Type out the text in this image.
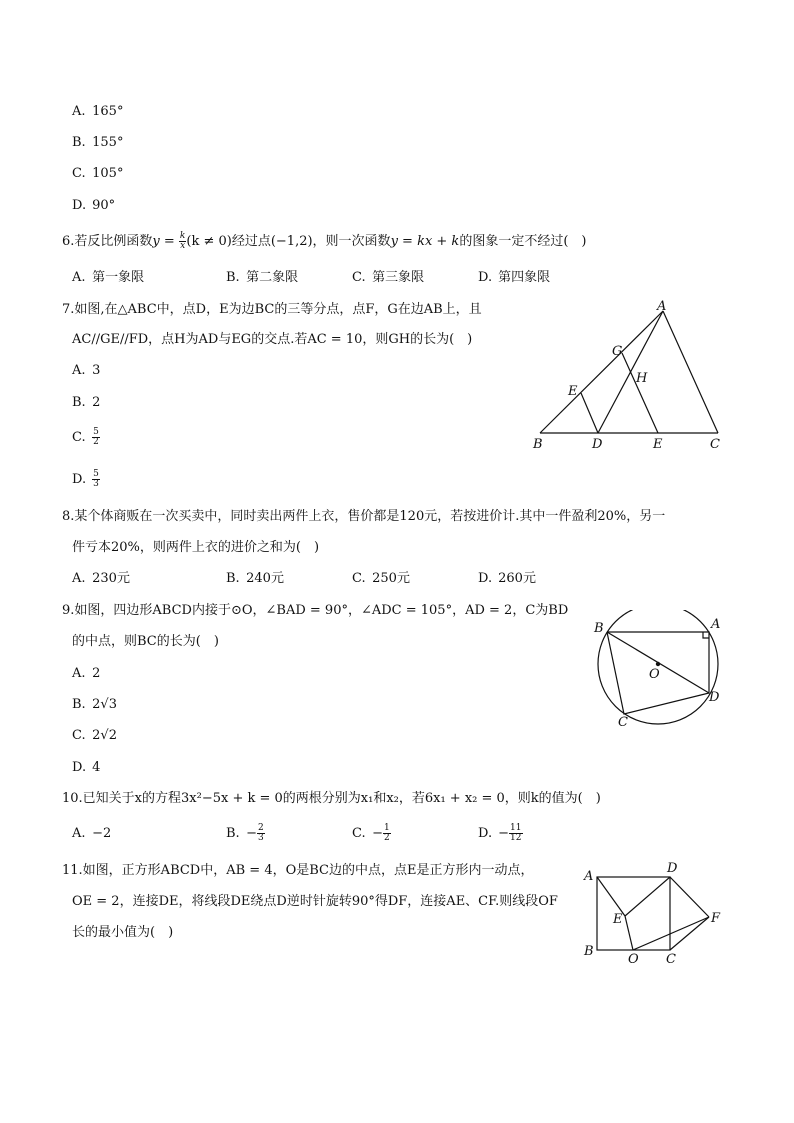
A. 165°
B. 155°
C. 105°
D. 90°
6.若反比例函数$y = \frac{k}{x} (k \ne 0)$经过点(−1,2)，则一次函数y = kx + k的图象一定不经过(　)
A. 第一象限	B. 第二象限	C. 第三象限	D. 第四象限
7.如图,在△ABC中，点D，E为边BC的三等分点，点F，G在边AB上，且
AC//GE//FD，点H为AD与EG的交点.若AC = 10，则GH的长为(　)
A. 3
B. 2
C. $\frac{5}{2}$
D. $\frac{5}{3}$
A
G
H
E
B	D	E	C
8.某个体商贩在一次买卖中，同时卖出两件上衣，售价都是120元，若按进价计.其中一件盈利20%，另一
件亏本20%，则两件上衣的进价之和为(　)
A. 230元	B. 240元	C. 250元	D. 260元
9.如图，四边形ABCD内接于⊙O，∠BAD = 90°，∠ADC = 105°，AD = 2，C为BD
的中点，则BC的长为(　)
A. 2
B. 2√3
C. 2√2
D. 4
B	A
O
D
C
10.已知关于x的方程3x²−5x + k = 0的两根分别为x₁和x₂，若6x₁ + x₂ = 0，则k的值为(　)
A. −2	B. − $\frac{2}{3}$	C. − $\frac{1}{2}$	D. − $\frac{11}{12}$
11.如图，正方形ABCD中，AB = 4，O是BC边的中点，点E是正方形内一动点，
OE = 2，连接DE，将线段DE绕点D逆时针旋转90°得DF，连接AE、CF.则线段OF
长的最小值为(　)
A
D
E	F
B
O C
